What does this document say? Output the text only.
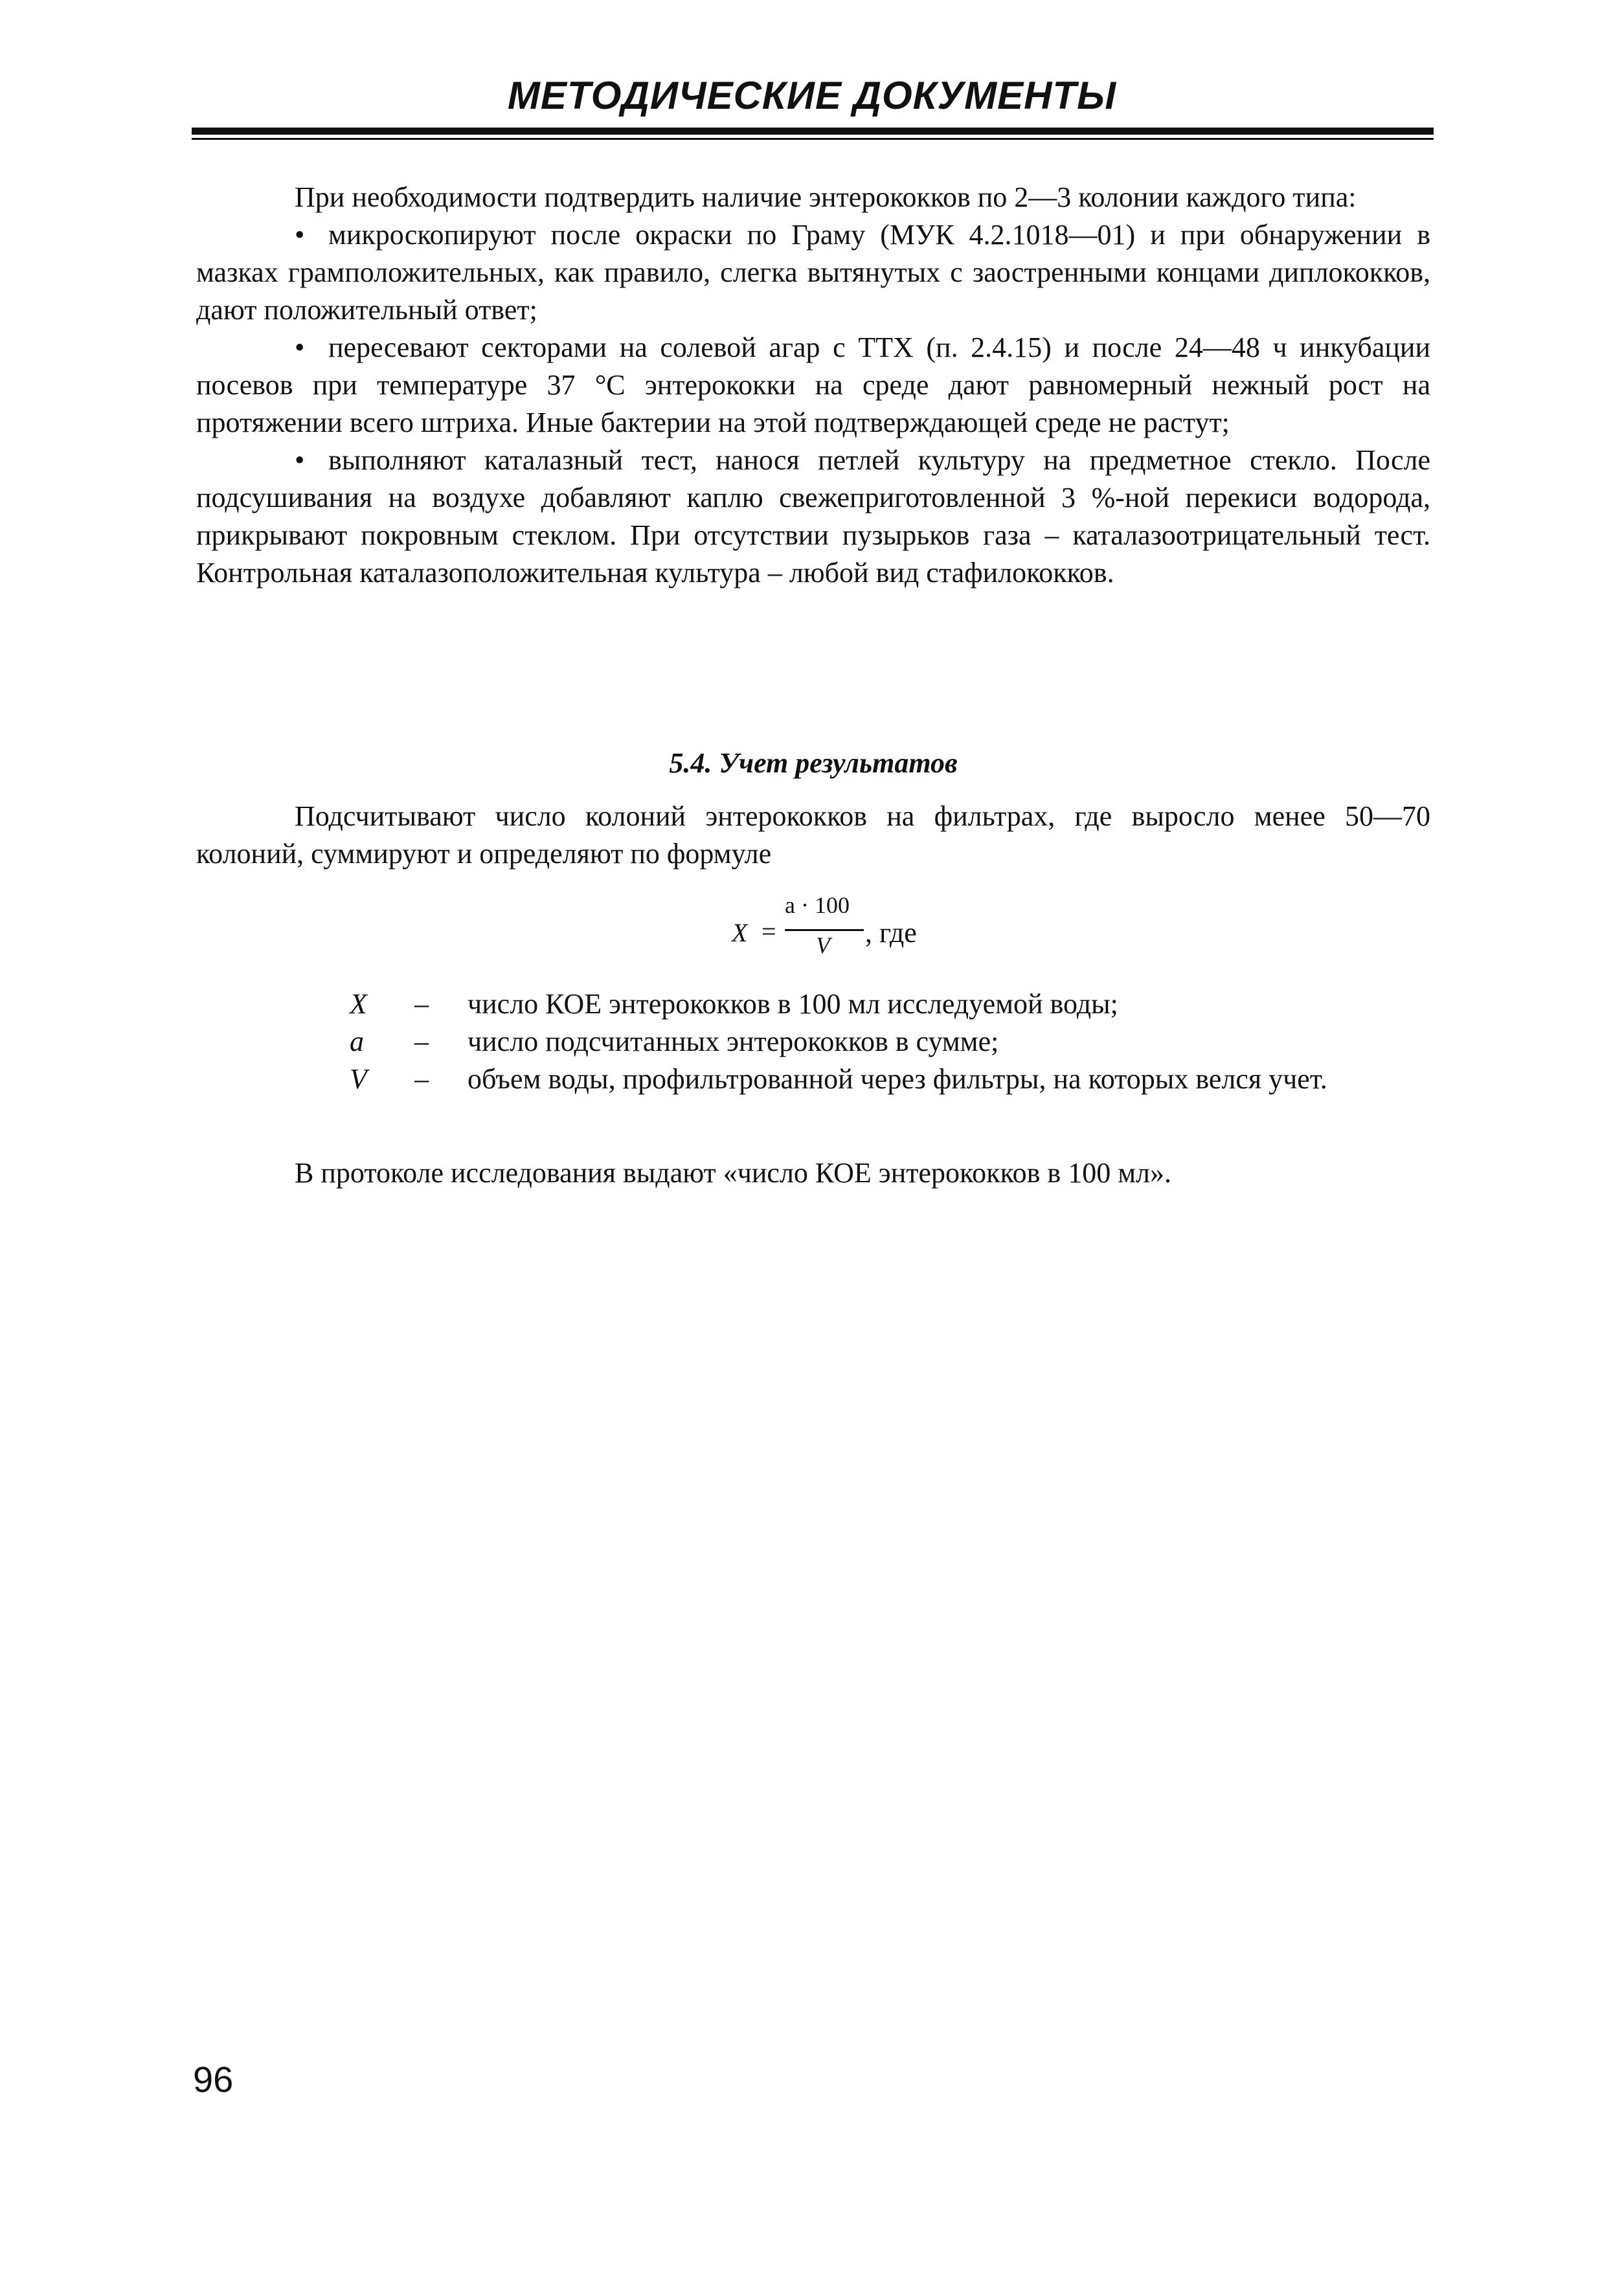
МЕТОДИЧЕСКИЕ ДОКУМЕНТЫ

При необходимости подтвердить наличие энтерококков по 2—3 колонии каждого типа:

• микроскопируют после окраски по Граму (МУК 4.2.1018—01) и при обнаружении в мазках грамположительных, как правило, слегка вытянутых с заостренными концами диплококков, дают положительный ответ;

• пересевают секторами на солевой агар с ТТХ (п. 2.4.15) и после 24—48 ч инкубации посевов при температуре 37 °С энтерококки на среде дают равномерный нежный рост на протяжении всего штриха. Иные бактерии на этой подтверждающей среде не растут;

• выполняют каталазный тест, нанося петлей культуру на предметное стекло. После подсушивания на воздухе добавляют каплю свежеприготовленной 3 %-ной перекиси водорода, прикрывают покровным стеклом. При отсутствии пузырьков газа – каталазоотрицательный тест. Контрольная каталазоположительная культура – любой вид стафилококков.

5.4. Учет результатов

Подсчитывают число колоний энтерококков на фильтрах, где выросло менее 50—70 колоний, суммируют и определяют по формуле

X =
a · 100
V , где
X	–	число КОЕ энтерококков в 100 мл исследуемой воды;
a	–	число подсчитанных энтерококков в сумме;
V	–	объем воды, профильтрованной через фильтры, на которых велся учет.

В протоколе исследования выдают «число КОЕ энтерококков в 100 мл».

96
